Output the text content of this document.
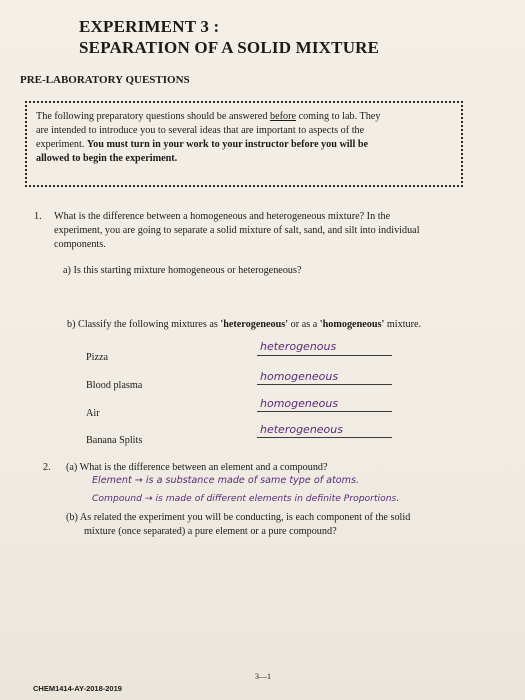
EXPERIMENT 3 :
SEPARATION OF A SOLID MIXTURE
PRE-LABORATORY QUESTIONS
The following preparatory questions should be answered before coming to lab. They
are intended to introduce you to several ideas that are important to aspects of the
experiment. You must turn in your work to your instructor before you will be
allowed to begin the experiment.
1. What is the difference between a homogeneous and heterogeneous mixture? In the
experiment, you are going to separate a solid mixture of salt, sand, and silt into individual
components.
a) Is this starting mixture homogeneous or heterogeneous?
b) Classify the following mixtures as 'heterogeneous' or as a 'homogeneous' mixture.
Pizza
heterogenous
Blood plasma
homogeneous
Air
homogeneous
Banana Splits
heterogeneous
2. (a) What is the difference between an element and a compound?
Element → is a substance made of same type of atoms.
Compound → is made of different elements in definite Proportions.
(b) As related the experiment you will be conducting, is each component of the solid
mixture (once separated) a pure element or a pure compound?
3—1
CHEM1414-AY-2018-2019
